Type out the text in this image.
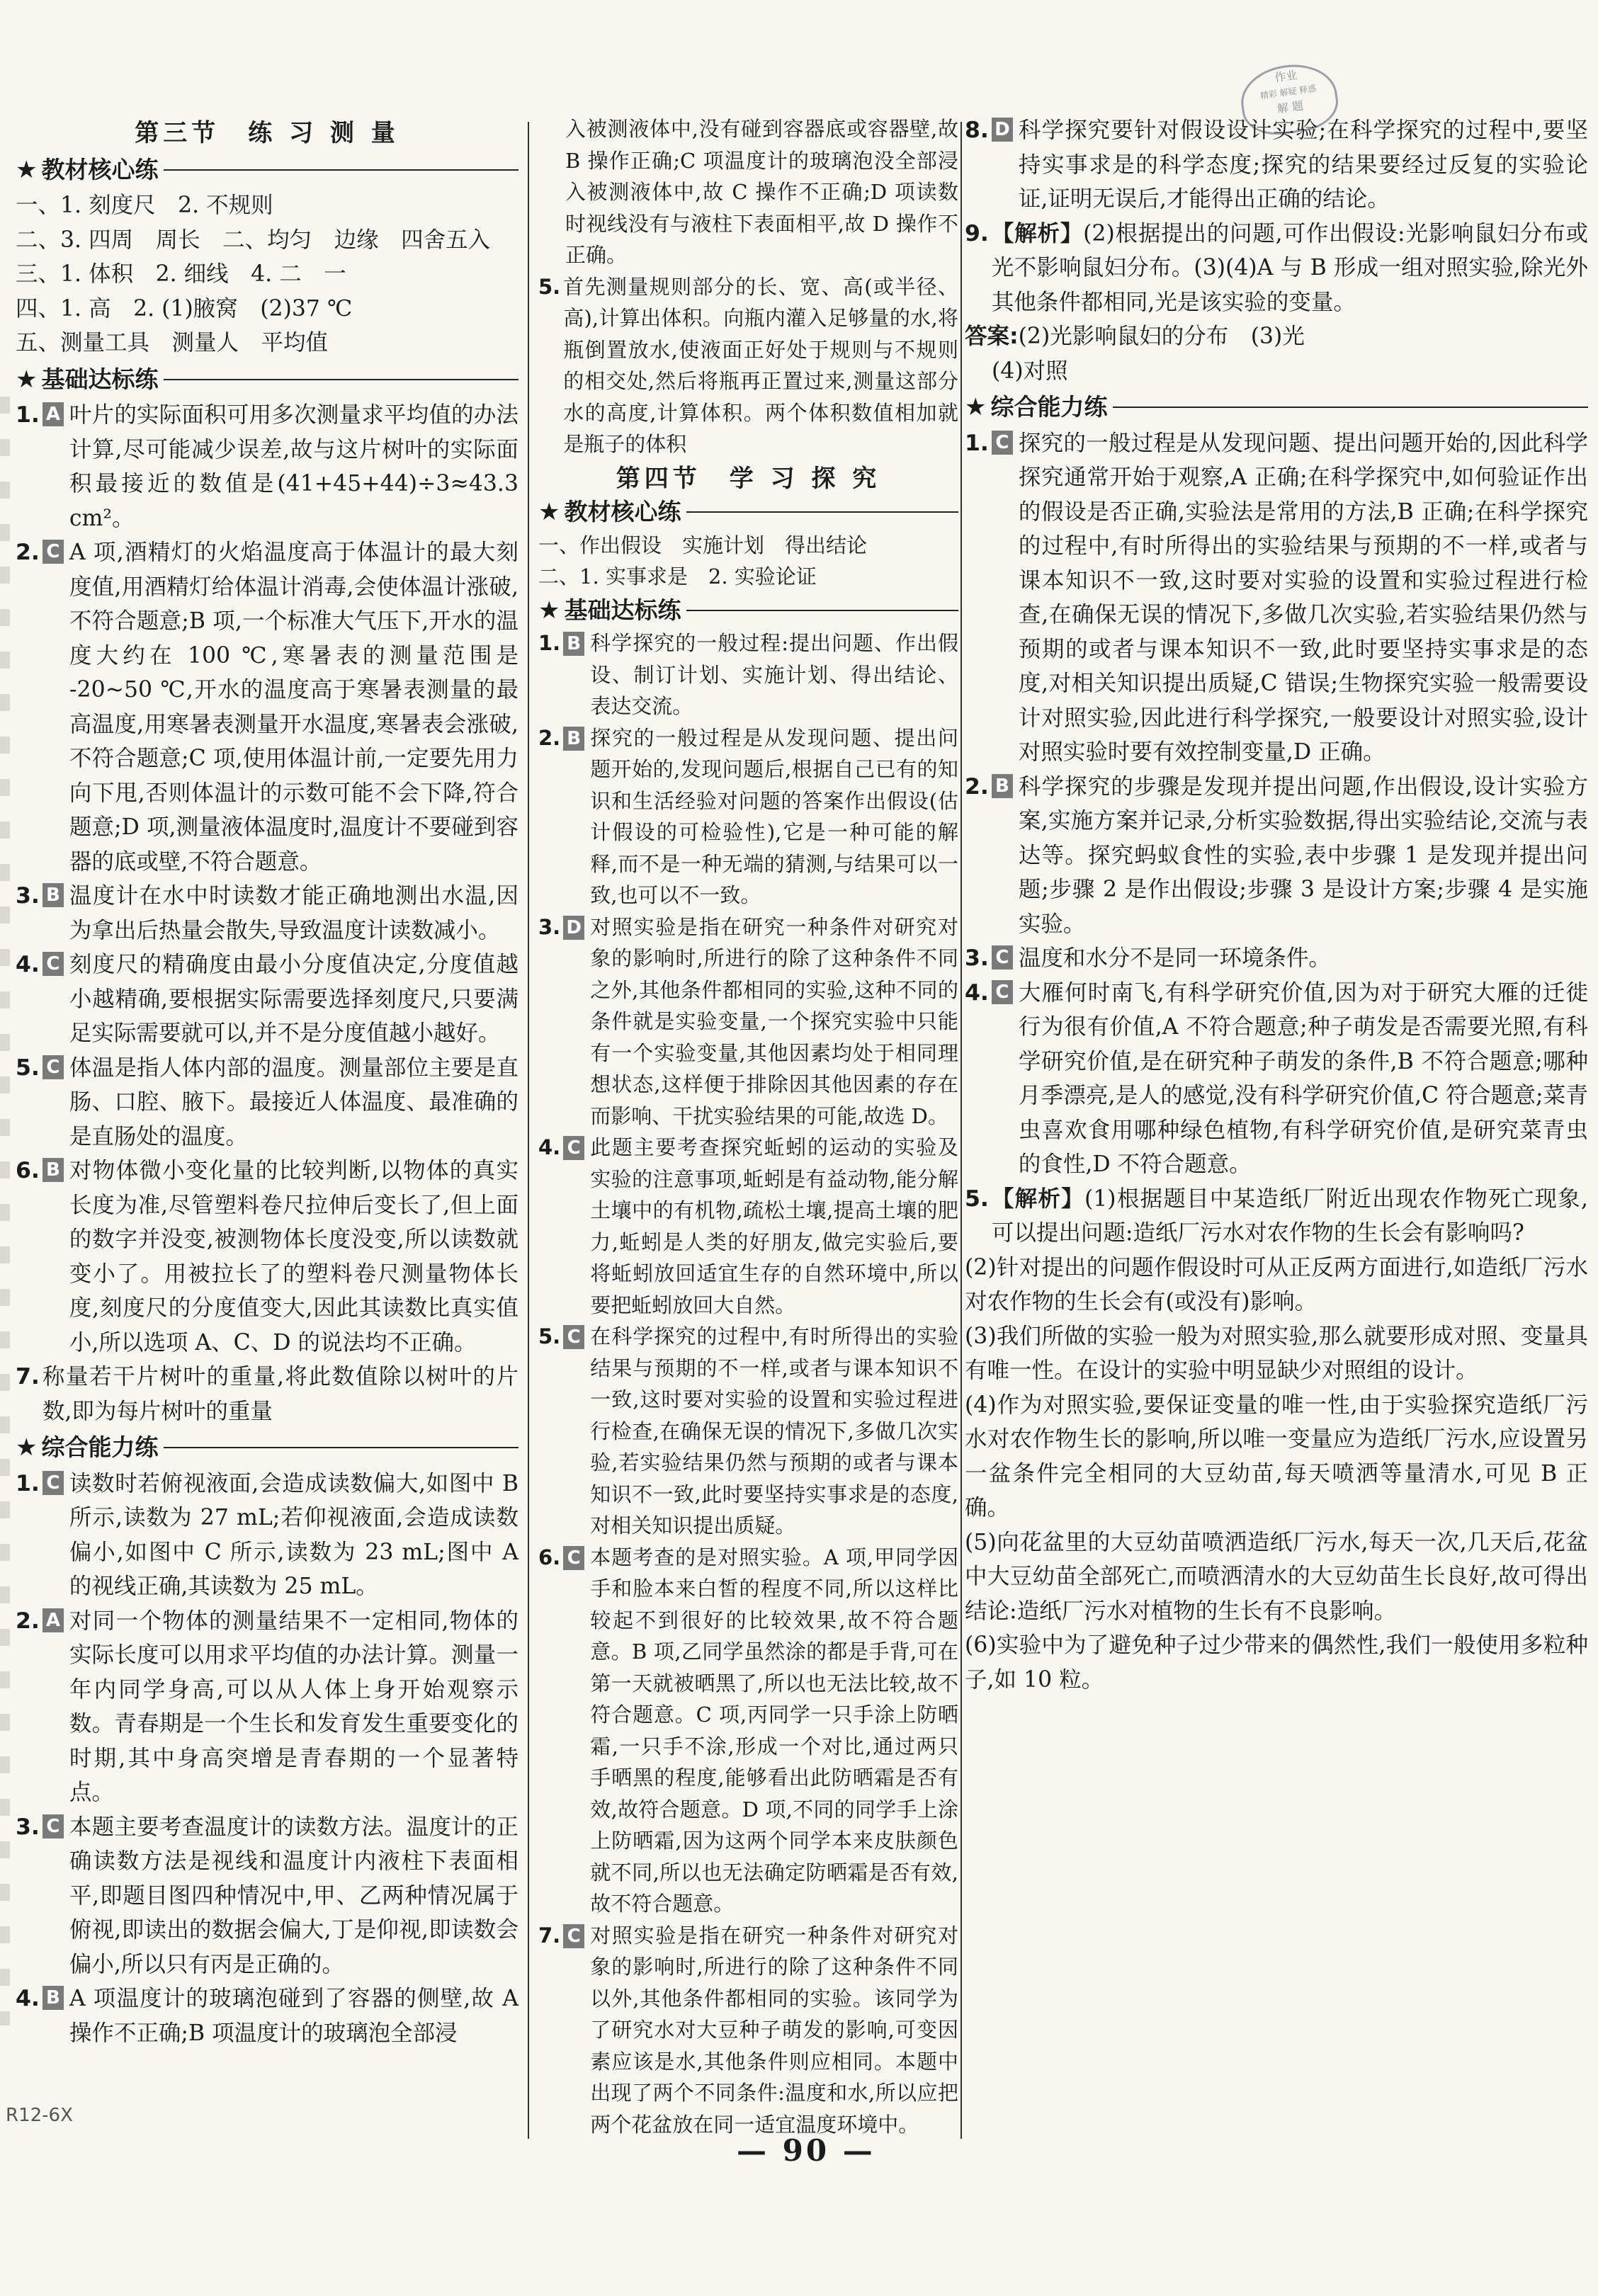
作业
精彩 解疑 释惑
解 题
第三节　练 习 测 量
★ 教材核心练
一、1. 刻度尺　2. 不规则
二、3. 四周　周长　二、均匀　边缘　四舍五入
三、1. 体积　2. 细线　4. 二　一
四、1. 高　2. (1)腋窝　(2)37 ℃
五、测量工具　测量人　平均值
★ 基础达标练
1. A 叶片的实际面积可用多次测量求平均值的办法计算,尽可能减少误差,故与这片树叶的实际面积最接近的数值是(41+45+44)÷3≈43.3 cm²。
2. C A 项,酒精灯的火焰温度高于体温计的最大刻度值,用酒精灯给体温计消毒,会使体温计涨破,不符合题意;B 项,一个标准大气压下,开水的温度大约在 100 ℃,寒暑表的测量范围是 -20~50 ℃,开水的温度高于寒暑表测量的最高温度,用寒暑表测量开水温度,寒暑表会涨破,不符合题意;C 项,使用体温计前,一定要先用力向下甩,否则体温计的示数可能不会下降,符合题意;D 项,测量液体温度时,温度计不要碰到容器的底或壁,不符合题意。
3. B 温度计在水中时读数才能正确地测出水温,因为拿出后热量会散失,导致温度计读数减小。
4. C 刻度尺的精确度由最小分度值决定,分度值越小越精确,要根据实际需要选择刻度尺,只要满足实际需要就可以,并不是分度值越小越好。
5. C 体温是指人体内部的温度。测量部位主要是直肠、口腔、腋下。最接近人体温度、最准确的是直肠处的温度。
6. B 对物体微小变化量的比较判断,以物体的真实长度为准,尽管塑料卷尺拉伸后变长了,但上面的数字并没变,被测物体长度没变,所以读数就变小了。用被拉长了的塑料卷尺测量物体长度,刻度尺的分度值变大,因此其读数比真实值小,所以选项 A、C、D 的说法均不正确。
7. 称量若干片树叶的重量,将此数值除以树叶的片数,即为每片树叶的重量
★ 综合能力练
1. C 读数时若俯视液面,会造成读数偏大,如图中 B 所示,读数为 27 mL;若仰视液面,会造成读数偏小,如图中 C 所示,读数为 23 mL;图中 A 的视线正确,其读数为 25 mL。
2. A 对同一个物体的测量结果不一定相同,物体的实际长度可以用求平均值的办法计算。测量一年内同学身高,可以从人体上身开始观察示数。青春期是一个生长和发育发生重要变化的时期,其中身高突增是青春期的一个显著特点。
3. C 本题主要考查温度计的读数方法。温度计的正确读数方法是视线和温度计内液柱下表面相平,即题目图四种情况中,甲、乙两种情况属于俯视,即读出的数据会偏大,丁是仰视,即读数会偏小,所以只有丙是正确的。
4. B A 项温度计的玻璃泡碰到了容器的侧壁,故 A 操作不正确;B 项温度计的玻璃泡全部浸
入被测液体中,没有碰到容器底或容器壁,故 B 操作正确;C 项温度计的玻璃泡没全部浸入被测液体中,故 C 操作不正确;D 项读数时视线没有与液柱下表面相平,故 D 操作不正确。
5. 首先测量规则部分的长、宽、高(或半径、高),计算出体积。向瓶内灌入足够量的水,将瓶倒置放水,使液面正好处于规则与不规则的相交处,然后将瓶再正置过来,测量这部分水的高度,计算体积。两个体积数值相加就是瓶子的体积
第四节　学 习 探 究
★ 教材核心练
一、作出假设　实施计划　得出结论
二、1. 实事求是　2. 实验论证
★ 基础达标练
1. B 科学探究的一般过程:提出问题、作出假设、制订计划、实施计划、得出结论、表达交流。
2. B 探究的一般过程是从发现问题、提出问题开始的,发现问题后,根据自己已有的知识和生活经验对问题的答案作出假设(估计假设的可检验性),它是一种可能的解释,而不是一种无端的猜测,与结果可以一致,也可以不一致。
3. D 对照实验是指在研究一种条件对研究对象的影响时,所进行的除了这种条件不同之外,其他条件都相同的实验,这种不同的条件就是实验变量,一个探究实验中只能有一个实验变量,其他因素均处于相同理想状态,这样便于排除因其他因素的存在而影响、干扰实验结果的可能,故选 D。
4. C 此题主要考查探究蚯蚓的运动的实验及实验的注意事项,蚯蚓是有益动物,能分解土壤中的有机物,疏松土壤,提高土壤的肥力,蚯蚓是人类的好朋友,做完实验后,要将蚯蚓放回适宜生存的自然环境中,所以要把蚯蚓放回大自然。
5. C 在科学探究的过程中,有时所得出的实验结果与预期的不一样,或者与课本知识不一致,这时要对实验的设置和实验过程进行检查,在确保无误的情况下,多做几次实验,若实验结果仍然与预期的或者与课本知识不一致,此时要坚持实事求是的态度,对相关知识提出质疑。
6. C 本题考查的是对照实验。A 项,甲同学因手和脸本来白皙的程度不同,所以这样比较起不到很好的比较效果,故不符合题意。B 项,乙同学虽然涂的都是手背,可在第一天就被晒黑了,所以也无法比较,故不符合题意。C 项,丙同学一只手涂上防晒霜,一只手不涂,形成一个对比,通过两只手晒黑的程度,能够看出此防晒霜是否有效,故符合题意。D 项,不同的同学手上涂上防晒霜,因为这两个同学本来皮肤颜色就不同,所以也无法确定防晒霜是否有效,故不符合题意。
7. C 对照实验是指在研究一种条件对研究对象的影响时,所进行的除了这种条件不同以外,其他条件都相同的实验。该同学为了研究水对大豆种子萌发的影响,可变因素应该是水,其他条件则应相同。本题中出现了两个不同条件:温度和水,所以应把两个花盆放在同一适宜温度环境中。
8. D 科学探究要针对假设设计实验;在科学探究的过程中,要坚持实事求是的科学态度;探究的结果要经过反复的实验论证,证明无误后,才能得出正确的结论。
9. 【解析】(2)根据提出的问题,可作出假设:光影响鼠妇分布或光不影响鼠妇分布。(3)(4)A 与 B 形成一组对照实验,除光外其他条件都相同,光是该实验的变量。
答案:(2)光影响鼠妇的分布　(3)光
(4)对照
★ 综合能力练
1. C 探究的一般过程是从发现问题、提出问题开始的,因此科学探究通常开始于观察,A 正确;在科学探究中,如何验证作出的假设是否正确,实验法是常用的方法,B 正确;在科学探究的过程中,有时所得出的实验结果与预期的不一样,或者与课本知识不一致,这时要对实验的设置和实验过程进行检查,在确保无误的情况下,多做几次实验,若实验结果仍然与预期的或者与课本知识不一致,此时要坚持实事求是的态度,对相关知识提出质疑,C 错误;生物探究实验一般需要设计对照实验,因此进行科学探究,一般要设计对照实验,设计对照实验时要有效控制变量,D 正确。
2. B 科学探究的步骤是发现并提出问题,作出假设,设计实验方案,实施方案并记录,分析实验数据,得出实验结论,交流与表达等。探究蚂蚁食性的实验,表中步骤 1 是发现并提出问题;步骤 2 是作出假设;步骤 3 是设计方案;步骤 4 是实施实验。
3. C 温度和水分不是同一环境条件。
4. C 大雁何时南飞,有科学研究价值,因为对于研究大雁的迁徙行为很有价值,A 不符合题意;种子萌发是否需要光照,有科学研究价值,是在研究种子萌发的条件,B 不符合题意;哪种月季漂亮,是人的感觉,没有科学研究价值,C 符合题意;菜青虫喜欢食用哪种绿色植物,有科学研究价值,是研究菜青虫的食性,D 不符合题意。
5. 【解析】(1)根据题目中某造纸厂附近出现农作物死亡现象,可以提出问题:造纸厂污水对农作物的生长会有影响吗?
(2)针对提出的问题作假设时可从正反两方面进行,如造纸厂污水对农作物的生长会有(或没有)影响。
(3)我们所做的实验一般为对照实验,那么就要形成对照、变量具有唯一性。在设计的实验中明显缺少对照组的设计。
(4)作为对照实验,要保证变量的唯一性,由于实验探究造纸厂污水对农作物生长的影响,所以唯一变量应为造纸厂污水,应设置另一盆条件完全相同的大豆幼苗,每天喷洒等量清水,可见 B 正确。
(5)向花盆里的大豆幼苗喷洒造纸厂污水,每天一次,几天后,花盆中大豆幼苗全部死亡,而喷洒清水的大豆幼苗生长良好,故可得出结论:造纸厂污水对植物的生长有不良影响。
(6)实验中为了避免种子过少带来的偶然性,我们一般使用多粒种子,如 10 粒。
— 90 —
R12-6X
